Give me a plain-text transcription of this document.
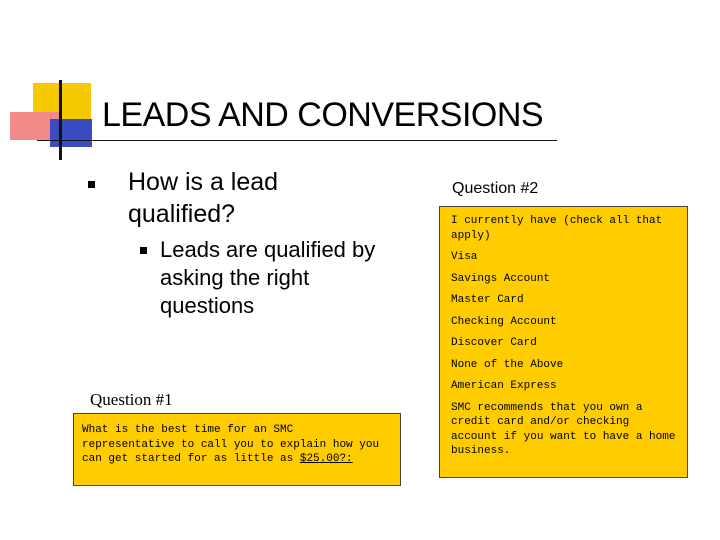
LEADS AND CONVERSIONS
How is a lead qualified?
Leads are qualified by asking the right questions
Question #1
What is the best time for an SMC representative to call you to explain how you can get started for as little as $25.00?:
Question #2
I currently have (check all that apply)
Visa
Savings Account
Master Card
Checking Account
Discover Card
None of the Above
American Express
SMC recommends that you own a credit card and/or checking account if you want to have a home business.
